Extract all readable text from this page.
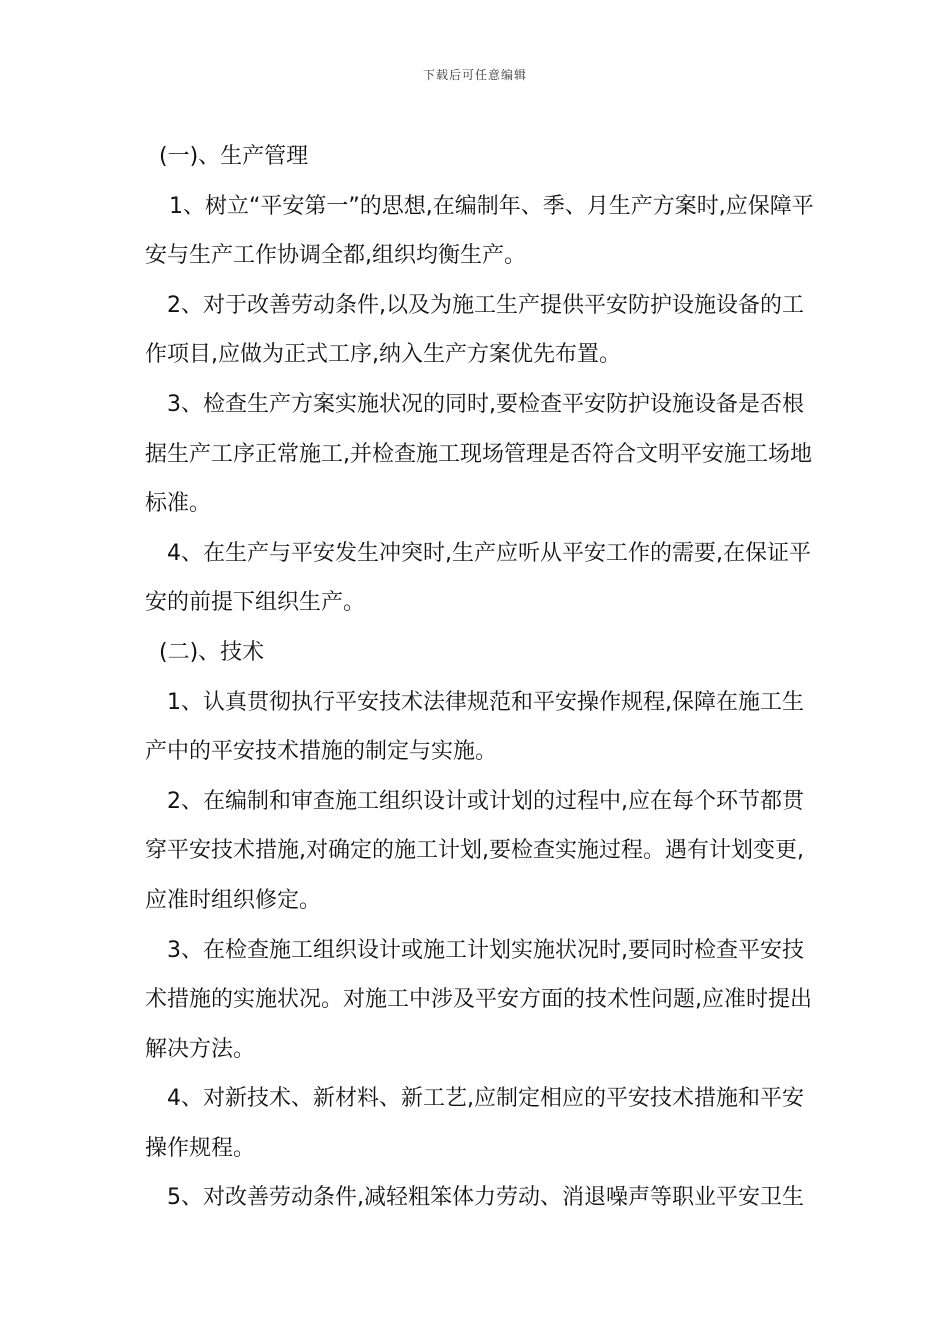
下载后可任意编辑

(一)、生产管理

1、树立“平安第一”的思想,在编制年、季、月生产方案时,应保障平安与生产工作协调全都,组织均衡生产。

2、对于改善劳动条件,以及为施工生产提供平安防护设施设备的工作项目,应做为正式工序,纳入生产方案优先布置。

3、检查生产方案实施状况的同时,要检查平安防护设施设备是否根据生产工序正常施工,并检查施工现场管理是否符合文明平安施工场地标准。

4、在生产与平安发生冲突时,生产应听从平安工作的需要,在保证平安的前提下组织生产。

(二)、技术

1、认真贯彻执行平安技术法律规范和平安操作规程,保障在施工生产中的平安技术措施的制定与实施。

2、在编制和审查施工组织设计或计划的过程中,应在每个环节都贯穿平安技术措施,对确定的施工计划,要检查实施过程。遇有计划变更,应准时组织修定。

3、在检查施工组织设计或施工计划实施状况时,要同时检查平安技术措施的实施状况。对施工中涉及平安方面的技术性问题,应准时提出解决方法。

4、对新技术、新材料、新工艺,应制定相应的平安技术措施和平安操作规程。

5、对改善劳动条件,减轻粗笨体力劳动、消退噪声等职业平安卫生
